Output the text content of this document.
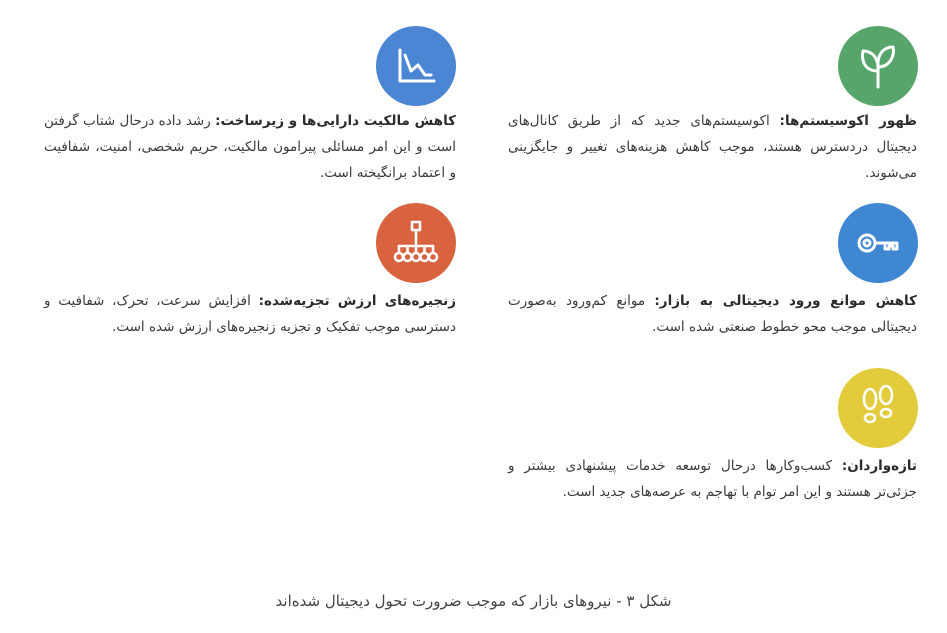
ظهور اکوسیستم‌ها: اکوسیستم‌های جدید که از طریق کانال‌های دیجیتال دردسترس هستند، موجب کاهش هزینه‌های تغییر و جایگزینی می‌شوند.
کاهش مالکیت دارایی‌ها و زیرساخت: رشد داده درحال شتاب گرفتن است و این امر مسائلی پیرامون مالکیت، حریم شخصی، امنیت، شفافیت و اعتماد برانگیخته است.
کاهش موانع ورود دیجیتالی به بازار: موانع کم‌ورود به‌صورت دیجیتالی موجب محو خطوط صنعتی شده است.
زنجیره‌های ارزش تجزیه‌شده: افزایش سرعت، تحرک، شفافیت و دسترسی موجب تفکیک و تجزیه زنجیره‌های ارزش شده است.
تازه‌واردان: کسب‌وکارها درحال توسعه خدمات پیشنهادی بیشتر و جزئی‌تر هستند و این امر توام با تهاجم به عرصه‌های جدید است.
شکل ۳ - نیروهای بازار که موجب ضرورت تحول دیجیتال شده‌اند
